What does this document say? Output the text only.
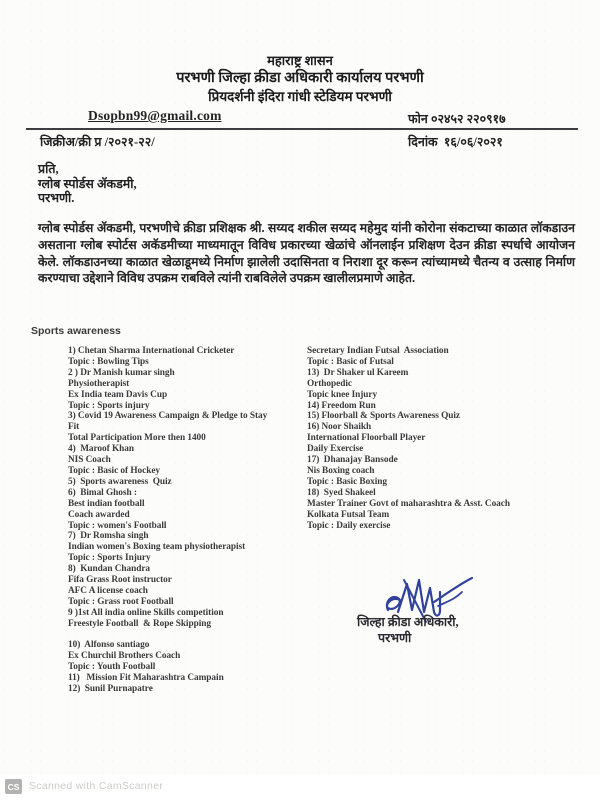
महाराष्ट्र शासन
परभणी जिल्हा क्रीडा अधिकारी कार्यालय परभणी
प्रियदर्शनी इंदिरा गांधी स्टेडियम परभणी
Dsopbn99@gmail.com	फोन ०२४५२ २२०९१७
जिक्रीअ/क्री प्र /२०२१-२२/	दिनांक  १६/०६/२०२१
प्रति,
ग्लोब स्पोर्डस ॲकडमी,
परभणी.
ग्लोब स्पोर्डस ॲकडमी, परभणीचे क्रीडा प्रशिक्षक श्री. सय्यद शकील सय्यद महेमुद यांनी कोरोना संकटाच्या काळात लॉकडाउन असताना ग्लोब स्पोर्टस अकॅडमीच्या माध्यमातून विविध प्रकारच्या खेळांचे ऑनलाईन प्रशिक्षण देउन क्रीडा स्पर्धाचे आयोजन केले. लॉकडाउनच्या काळात खेळाडूमध्ये निर्माण झालेली उदासिनता व निराशा दूर करून त्यांच्यामध्ये चैतन्य व उत्साह निर्माण करण्याचा उद्देशाने विविध उपक्रम राबविले त्यांनी राबविलेले उपक्रम खालीलप्रमाणे आहेत.
Sports awareness
1) Chetan Sharma International Cricketer
Topic : Bowling Tips
2 ) Dr Manish kumar singh
Physiotherapist
Ex India team Davis Cup
Topic : Sports injury
3) Covid 19 Awareness Campaign & Pledge to Stay
Fit
Total Participation More then 1400
4)  Maroof Khan
NIS Coach
Topic : Basic of Hockey
5)  Sports awareness  Quiz
6)  Bimal Ghosh :
Best indian football
Coach awarded
Topic : women's Football
7)  Dr Romsha singh
Indian women's Boxing team physiotherapist
Topic : Sports Injury
8)  Kundan Chandra
Fifa Grass Root instructor
AFC A license coach
Topic : Grass root Football
9 )1st All india online Skills competition
Freestyle Football  & Rope Skipping
10)  Alfonso santiago
Ex Churchil Brothers Coach
Topic : Youth Football
11)   Mission Fit Maharashtra Campain
12)  Sunil Purnapatre
Secretary Indian Futsal  Association
Topic : Basic of Futsal
13)  Dr Shaker ul Kareem
Orthopedic
Topic knee Injury
14) Freedom Run
15) Floorball & Sports Awareness Quiz
16) Noor Shaikh
International Floorball Player
Daily Exercise
17)  Dhanajay Bansode
Nis Boxing coach
Topic : Basic Boxing
18)  Syed Shakeel
Master Trainer Govt of maharashtra & Asst. Coach
Kolkata Futsal Team
Topic : Daily exercise
जिल्हा क्रीडा अधिकारी,
परभणी
CS Scanned with CamScanner
